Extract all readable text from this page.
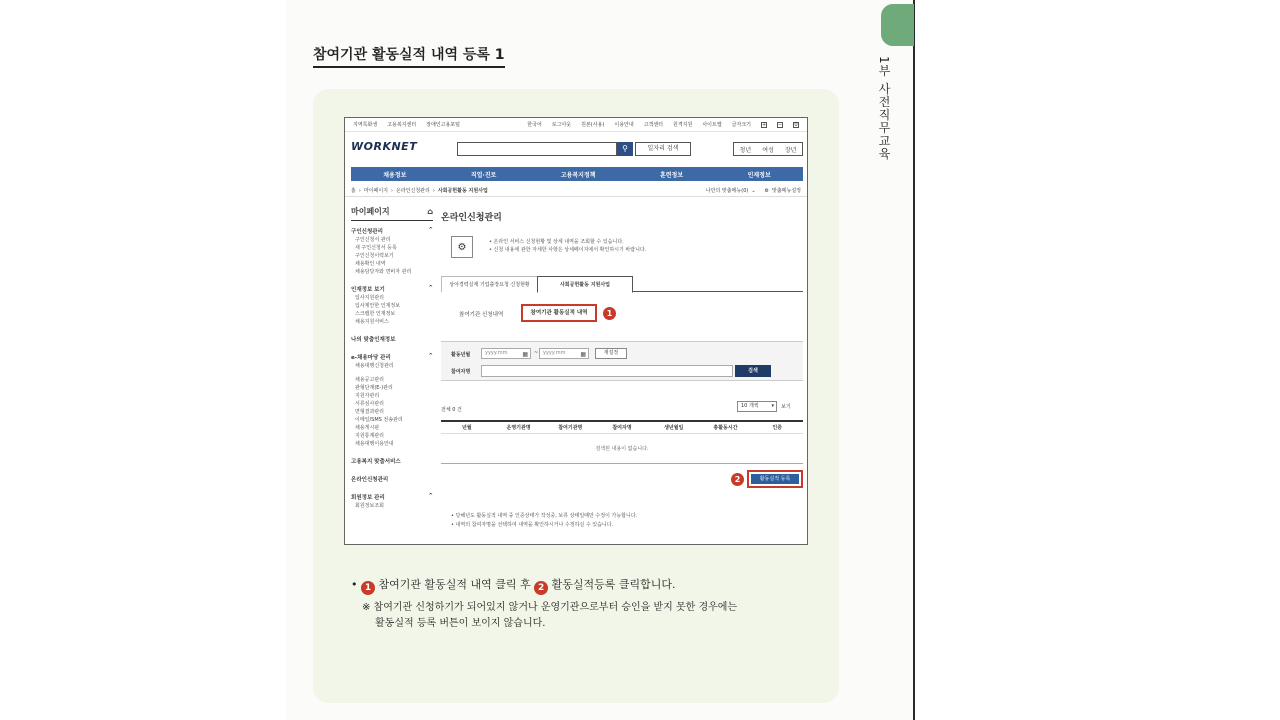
1부 사전직무교육
참여기관 활동실적 내역 등록 1
지역특화생 고용복지센터 장애인고용포털	한국어 로그아웃 원본(사용) 이용안내 고객센터 원격지원 사이트맵 글자크기 + − 0
WORKNET	⚲	일자리 검색	청년 여성 장년
채용정보	직업·진로	고용복지정책	훈련정보	인재정보
홈 › 마이페이지 › 온라인신청관리 › 사회공헌활동 지원사업	나만의 맞춤메뉴(0) ⌄ ⚙ 맞춤메뉴설정
마이페이지	⌂
구인신청관리	^
구인신청서 관리
새 구인신청서 등록
구인신청이력보기
채용확인 내역
채용담당자와 면비자 관리
인재정보 보기	^
입사지원관리
입사제안한 인재정보
스크랩한 인재정보
채용지원서비스
나의 맞춤인재정보
e-채용마당 관리	^
채용대행신청관리
채용공고관리
관형단계(E-)관리
지원자관리
서류심사관리
면형결과관리
이메일/SMS 전송관리
채용게시판
지원통계관리
채용대행이용안내
고용복지 맞춤서비스
온라인신청관리
회원정보 관리	^
회원정보조회
온라인신청관리
⚙	• 온라인 서비스 신청현황 및 상세 내역을 조회할 수 있습니다.
• 신청 내용에 관한 자세한 사항은 상세페이지에서 확인하시기 바랍니다.
상아경력실계 기업출장요청 신청현황	사회공헌활동 지원사업
참여기관 신청내역	참여기관 활동실적 내역	1
활동년월	yyyy.mm ▦ ~ yyyy.mm ▦	재설정
참여자명	검색
전체 0 건
10 개씩	▾ 보기
년월	운영기관명	참여기관명	참여자명	생년월일	총활동시간	인증
검색된 내용이 없습니다.
2	활동실적 등록
• 당해년도 활동실적 내역 중 인증상태가 작성중, 보류 상태일때만 수정이 가능합니다.
• 내역의 참여자명을 선택하여 내역을 확인하시거나 수정하실 수 있습니다.
• 1 참여기관 활동실적 내역 클릭 후 2 활동실적등록 클릭합니다.
※ 참여기관 신청하기가 되어있지 않거나 운영기관으로부터 승인을 받지 못한 경우에는
활동실적 등록 버튼이 보이지 않습니다.
